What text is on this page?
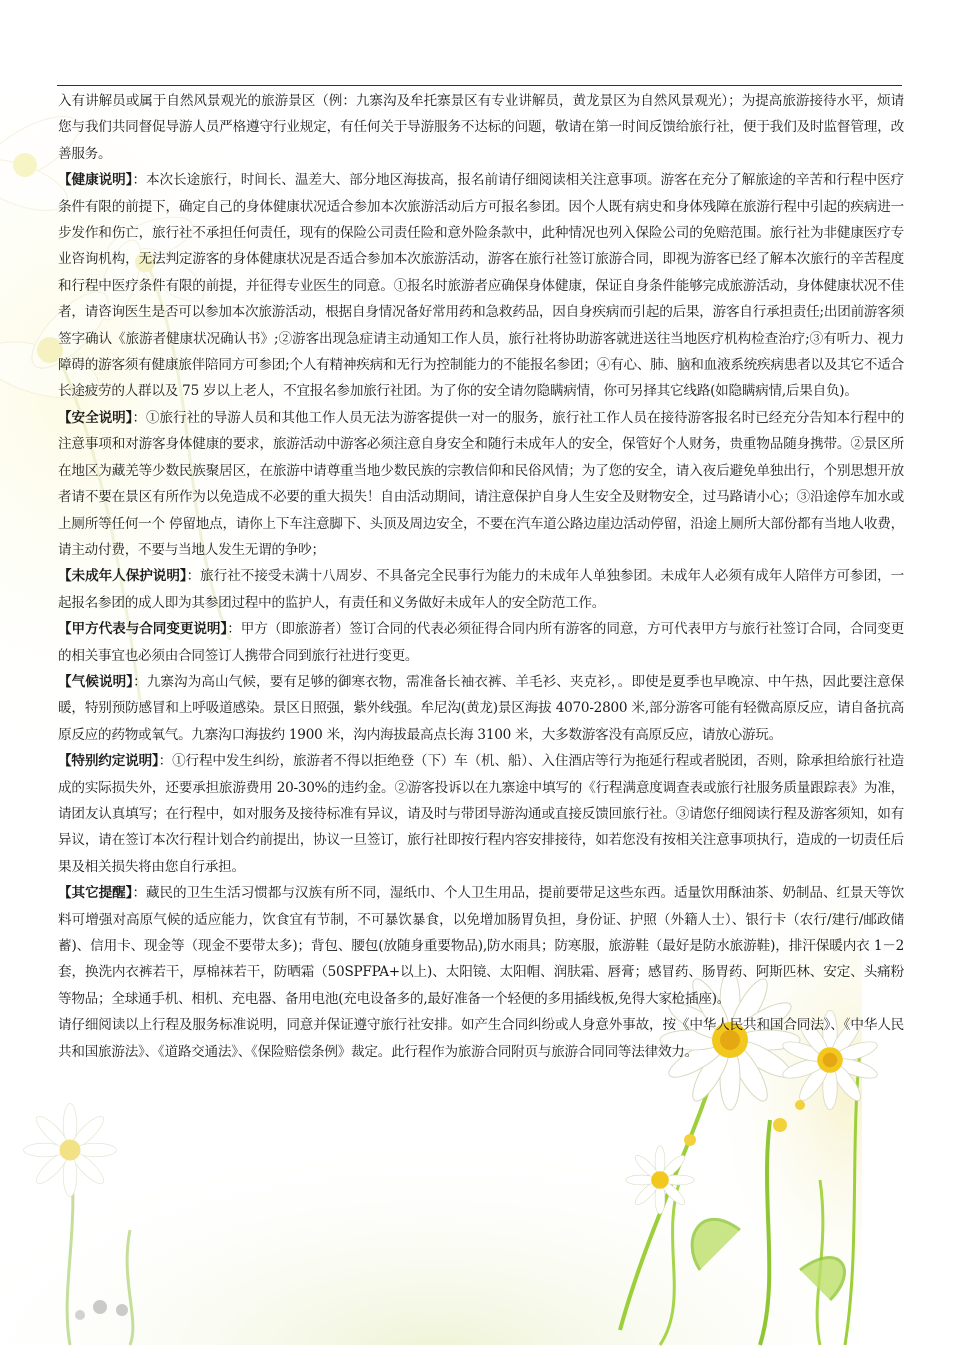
入有讲解员或属于自然风景观光的旅游景区（例：九寨沟及牟托寨景区有专业讲解员，黄龙景区为自然风景观光）；为提高旅游接待水平，烦请您与我们共同督促导游人员严格遵守行业规定，有任何关于导游服务不达标的问题，敬请在第一时间反馈给旅行社，便于我们及时监督管理，改善服务。

【健康说明】：本次长途旅行，时间长、温差大、部分地区海拔高，报名前请仔细阅读相关注意事项。游客在充分了解旅途的辛苦和行程中医疗条件有限的前提下，确定自己的身体健康状况适合参加本次旅游活动后方可报名参团。因个人既有病史和身体残障在旅游行程中引起的疾病进一步发作和伤亡，旅行社不承担任何责任，现有的保险公司责任险和意外险条款中，此种情况也列入保险公司的免赔范围。旅行社为非健康医疗专业咨询机构，无法判定游客的身体健康状况是否适合参加本次旅游活动，游客在旅行社签订旅游合同，即视为游客已经了解本次旅行的辛苦程度和行程中医疗条件有限的前提，并征得专业医生的同意。①报名时旅游者应确保身体健康，保证自身条件能够完成旅游活动，身体健康状况不佳者，请咨询医生是否可以参加本次旅游活动，根据自身情况备好常用药和急救药品，因自身疾病而引起的后果，游客自行承担责任;出团前游客须签字确认《旅游者健康状况确认书》;②游客出现急症请主动通知工作人员，旅行社将协助游客就进送往当地医疗机构检查治疗;③有听力、视力障碍的游客须有健康旅伴陪同方可参团;个人有精神疾病和无行为控制能力的不能报名参团；④有心、肺、脑和血液系统疾病患者以及其它不适合长途疲劳的人群以及 75 岁以上老人，不宜报名参加旅行社团。为了你的安全请勿隐瞒病情，你可另择其它线路(如隐瞒病情,后果自负)。

【安全说明】：①旅行社的导游人员和其他工作人员无法为游客提供一对一的服务，旅行社工作人员在接待游客报名时已经充分告知本行程中的注意事项和对游客身体健康的要求，旅游活动中游客必须注意自身安全和随行未成年人的安全，保管好个人财务，贵重物品随身携带。②景区所在地区为藏羌等少数民族聚居区，在旅游中请尊重当地少数民族的宗教信仰和民俗风情；为了您的安全，请入夜后避免单独出行，个别思想开放者请不要在景区有所作为以免造成不必要的重大损失！自由活动期间，请注意保护自身人生安全及财物安全，过马路请小心；③沿途停车加水或上厕所等任何一个 停留地点，请你上下车注意脚下、头顶及周边安全，不要在汽车道公路边崖边活动停留，沿途上厕所大部份都有当地人收费，请主动付费，不要与当地人发生无谓的争吵；

【未成年人保护说明】：旅行社不接受未满十八周岁、不具备完全民事行为能力的未成年人单独参团。未成年人必须有成年人陪伴方可参团，一起报名参团的成人即为其参团过程中的监护人，有责任和义务做好未成年人的安全防范工作。

【甲方代表与合同变更说明】：甲方（即旅游者）签订合同的代表必须征得合同内所有游客的同意，方可代表甲方与旅行社签订合同，合同变更的相关事宜也必须由合同签订人携带合同到旅行社进行变更。

【气候说明】：九寨沟为高山气候，要有足够的御寒衣物，需准备长袖衣裤、羊毛衫、夹克衫，。即使是夏季也早晚凉、中午热，因此要注意保暖，特别预防感冒和上呼吸道感染。景区日照强，紫外线强。牟尼沟(黄龙)景区海拔 4070-2800 米,部分游客可能有轻微高原反应，请自备抗高原反应的药物或氧气。九寨沟口海拔约 1900 米，沟内海拔最高点长海 3100 米，大多数游客没有高原反应，请放心游玩。

【特别约定说明】：①行程中发生纠纷，旅游者不得以拒绝登（下）车（机、船）、入住酒店等行为拖延行程或者脱团，否则，除承担给旅行社造成的实际损失外，还要承担旅游费用 20-30%的违约金。②游客投诉以在九寨途中填写的《行程满意度调查表或旅行社服务质量跟踪表》为准，请团友认真填写；在行程中，如对服务及接待标准有异议，请及时与带团导游沟通或直接反馈回旅行社。③请您仔细阅读行程及游客须知，如有异议，请在签订本次行程计划合约前提出，协议一旦签订，旅行社即按行程内容安排接待，如若您没有按相关注意事项执行，造成的一切责任后果及相关损失将由您自行承担。

【其它提醒】：藏民的卫生生活习惯都与汉族有所不同，湿纸巾、个人卫生用品，提前要带足这些东西。适量饮用酥油茶、奶制品、红景天等饮料可增强对高原气候的适应能力，饮食宜有节制，不可暴饮暴食，以免增加肠胃负担，身份证、护照（外籍人士）、银行卡（农行/建行/邮政储蓄)、信用卡、现金等（现金不要带太多)；背包、腰包(放随身重要物品),防水雨具；防寒服，旅游鞋（最好是防水旅游鞋)，排汗保暖内衣 1－2 套，换洗内衣裤若干，厚棉袜若干，防晒霜（50SPFPA+以上)、太阳镜、太阳帽、润肤霜、唇膏；感冒药、肠胃药、阿斯匹林、安定、头痛粉等物品；全球通手机、相机、充电器、备用电池(充电设备多的,最好准备一个轻便的多用插线板,免得大家枪插座)。

请仔细阅读以上行程及服务标准说明，同意并保证遵守旅行社安排。如产生合同纠纷或人身意外事故，按《中华人民共和国合同法》、《中华人民共和国旅游法》、《道路交通法》、《保险赔偿条例》裁定。此行程作为旅游合同附页与旅游合同同等法律效力。
